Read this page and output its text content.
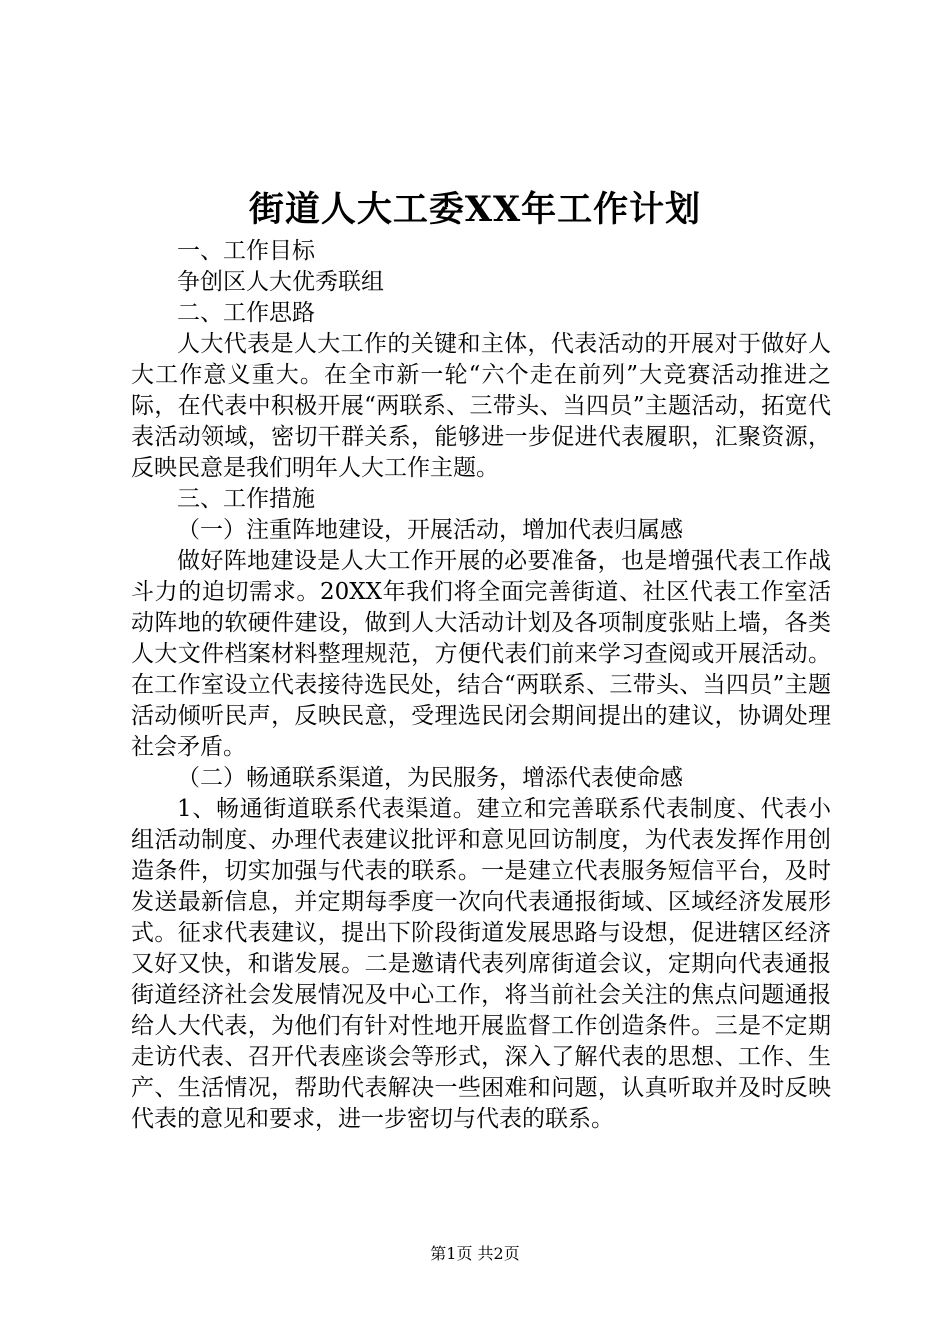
街道人大工委XX年工作计划

一、工作目标

争创区人大优秀联组

二、工作思路

人大代表是人大工作的关键和主体，代表活动的开展对于做好人大工作意义重大。在全市新一轮“六个走在前列”大竞赛活动推进之际，在代表中积极开展“两联系、三带头、当四员”主题活动，拓宽代表活动领域，密切干群关系，能够进一步促进代表履职，汇聚资源，反映民意是我们明年人大工作主题。

三、工作措施

（一）注重阵地建设，开展活动，增加代表归属感

做好阵地建设是人大工作开展的必要准备，也是增强代表工作战斗力的迫切需求。20XX年我们将全面完善街道、社区代表工作室活动阵地的软硬件建设，做到人大活动计划及各项制度张贴上墙，各类人大文件档案材料整理规范，方便代表们前来学习查阅或开展活动。在工作室设立代表接待选民处，结合“两联系、三带头、当四员”主题活动倾听民声，反映民意，受理选民闭会期间提出的建议，协调处理社会矛盾。

（二）畅通联系渠道，为民服务，增添代表使命感

1、畅通街道联系代表渠道。建立和完善联系代表制度、代表小组活动制度、办理代表建议批评和意见回访制度，为代表发挥作用创造条件，切实加强与代表的联系。一是建立代表服务短信平台，及时发送最新信息，并定期每季度一次向代表通报街域、区域经济发展形式。征求代表建议，提出下阶段街道发展思路与设想，促进辖区经济又好又快，和谐发展。二是邀请代表列席街道会议，定期向代表通报街道经济社会发展情况及中心工作，将当前社会关注的焦点问题通报给人大代表，为他们有针对性地开展监督工作创造条件。三是不定期走访代表、召开代表座谈会等形式，深入了解代表的思想、工作、生产、生活情况，帮助代表解决一些困难和问题，认真听取并及时反映代表的意见和要求，进一步密切与代表的联系。

第1页 共2页
